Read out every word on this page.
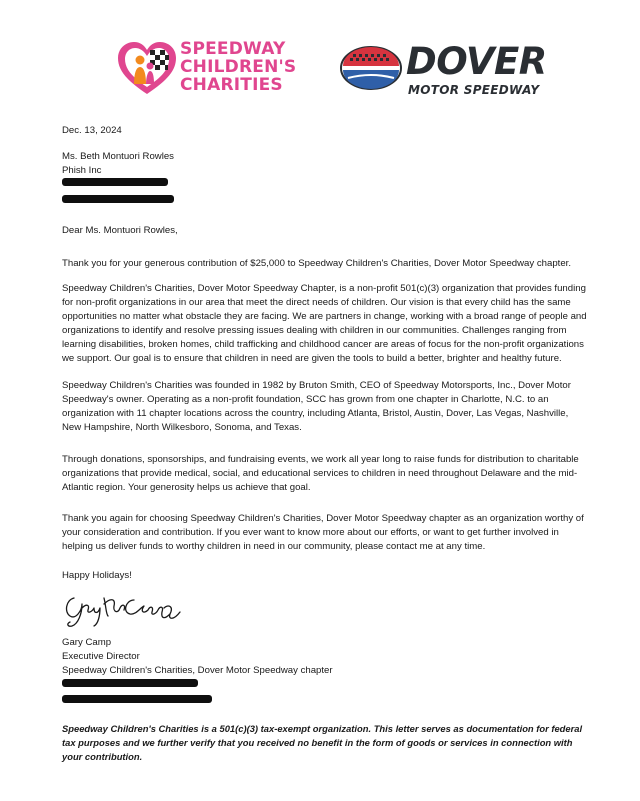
SPEEDWAY
CHILDREN'S
CHARITIES
DOVER
MOTOR SPEEDWAY

Dec. 13, 2024

Ms. Beth Montuori Rowles
Phish Inc

Dear Ms. Montuori Rowles,

Thank you for your generous contribution of $25,000 to Speedway Children's Charities, Dover Motor Speedway chapter.

Speedway Children's Charities, Dover Motor Speedway Chapter, is a non-profit 501(c)(3) organization that provides funding for non-profit organizations in our area that meet the direct needs of children. Our vision is that every child has the same opportunities no matter what obstacle they are facing. We are partners in change, working with a broad range of people and organizations to identify and resolve pressing issues dealing with children in our communities. Challenges ranging from learning disabilities, broken homes, child trafficking and childhood cancer are areas of focus for the non-profit organizations we support. Our goal is to ensure that children in need are given the tools to build a better, brighter and healthy future.

Speedway Children's Charities was founded in 1982 by Bruton Smith, CEO of Speedway Motorsports, Inc., Dover Motor Speedway's owner. Operating as a non-profit foundation, SCC has grown from one chapter in Charlotte, N.C. to an organization with 11 chapter locations across the country, including Atlanta, Bristol, Austin, Dover, Las Vegas, Nashville, New Hampshire, North Wilkesboro, Sonoma, and Texas.

Through donations, sponsorships, and fundraising events, we work all year long to raise funds for distribution to charitable organizations that provide medical, social, and educational services to children in need throughout Delaware and the mid-Atlantic region. Your generosity helps us achieve that goal.

Thank you again for choosing Speedway Children's Charities, Dover Motor Speedway chapter as an organization worthy of your consideration and contribution. If you ever want to know more about our efforts, or want to get further involved in helping us deliver funds to worthy children in need in our community, please contact me at any time.

Happy Holidays!

Gary Camp
Executive Director
Speedway Children's Charities, Dover Motor Speedway chapter

Speedway Children's Charities is a 501(c)(3) tax-exempt organization. This letter serves as documentation for federal tax purposes and we further verify that you received no benefit in the form of goods or services in connection with your contribution.
